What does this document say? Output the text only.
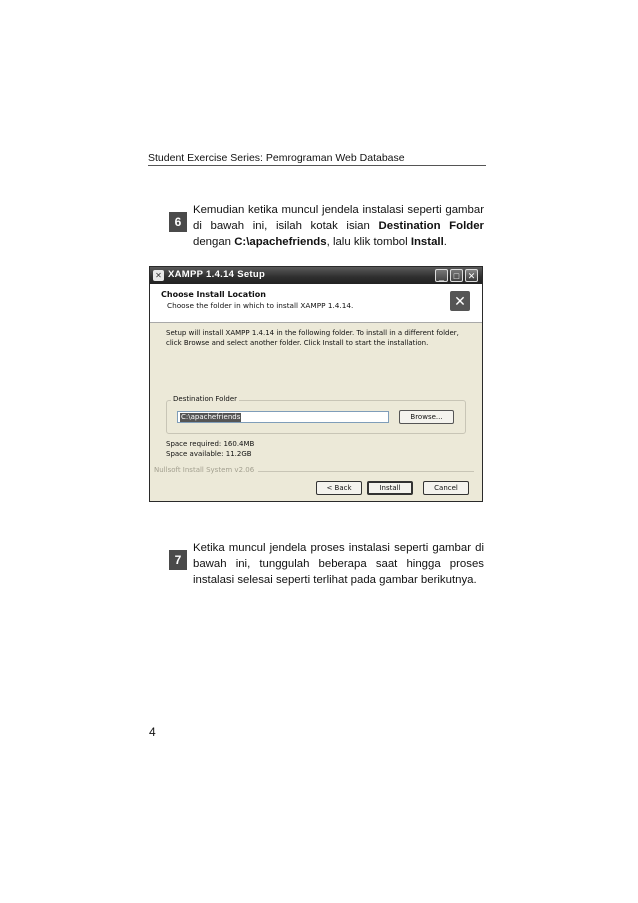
Student Exercise Series: Pemrograman Web Database
6
Kemudian ketika muncul jendela instalasi seperti gambar di bawah ini, isilah kotak isian Destination Folder dengan C:\apachefriends, lalu klik tombol Install.
✕ XAMPP 1.4.14 Setup	_	□ ✕
Choose Install Location
Choose the folder in which to install XAMPP 1.4.14.	✕
Setup will install XAMPP 1.4.14 in the following folder. To install in a different folder, click Browse and select another folder. Click Install to start the installation.
Destination Folder
C:\apachefriends	Browse...
Space required: 160.4MB
Space available: 11.2GB
Nullsoft Install System v2.06
< Back	Install	Cancel
7
Ketika muncul jendela proses instalasi seperti gambar di bawah ini, tunggulah beberapa saat hingga proses instalasi selesai seperti terlihat pada gambar berikutnya.
4
